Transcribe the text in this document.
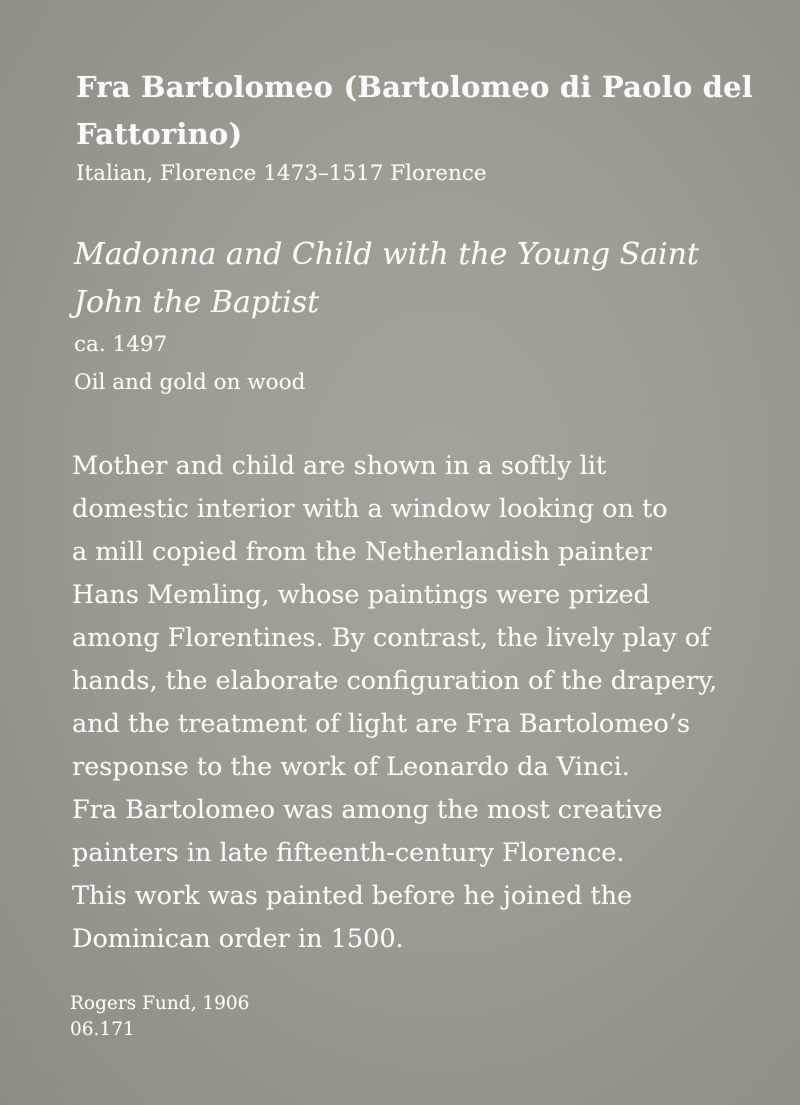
Fra Bartolomeo (Bartolomeo di Paolo del
Fattorino)
Italian, Florence 1473–1517 Florence
Madonna and Child with the Young Saint
John the Baptist
ca. 1497
Oil and gold on wood
Mother and child are shown in a softly lit
domestic interior with a window looking on to
a mill copied from the Netherlandish painter
Hans Memling, whose paintings were prized
among Florentines. By contrast, the lively play of
hands, the elaborate configuration of the drapery,
and the treatment of light are Fra Bartolomeo’s
response to the work of Leonardo da Vinci.
Fra Bartolomeo was among the most creative
painters in late fifteenth-century Florence.
This work was painted before he joined the
Dominican order in 1500.
Rogers Fund, 1906
06.171
